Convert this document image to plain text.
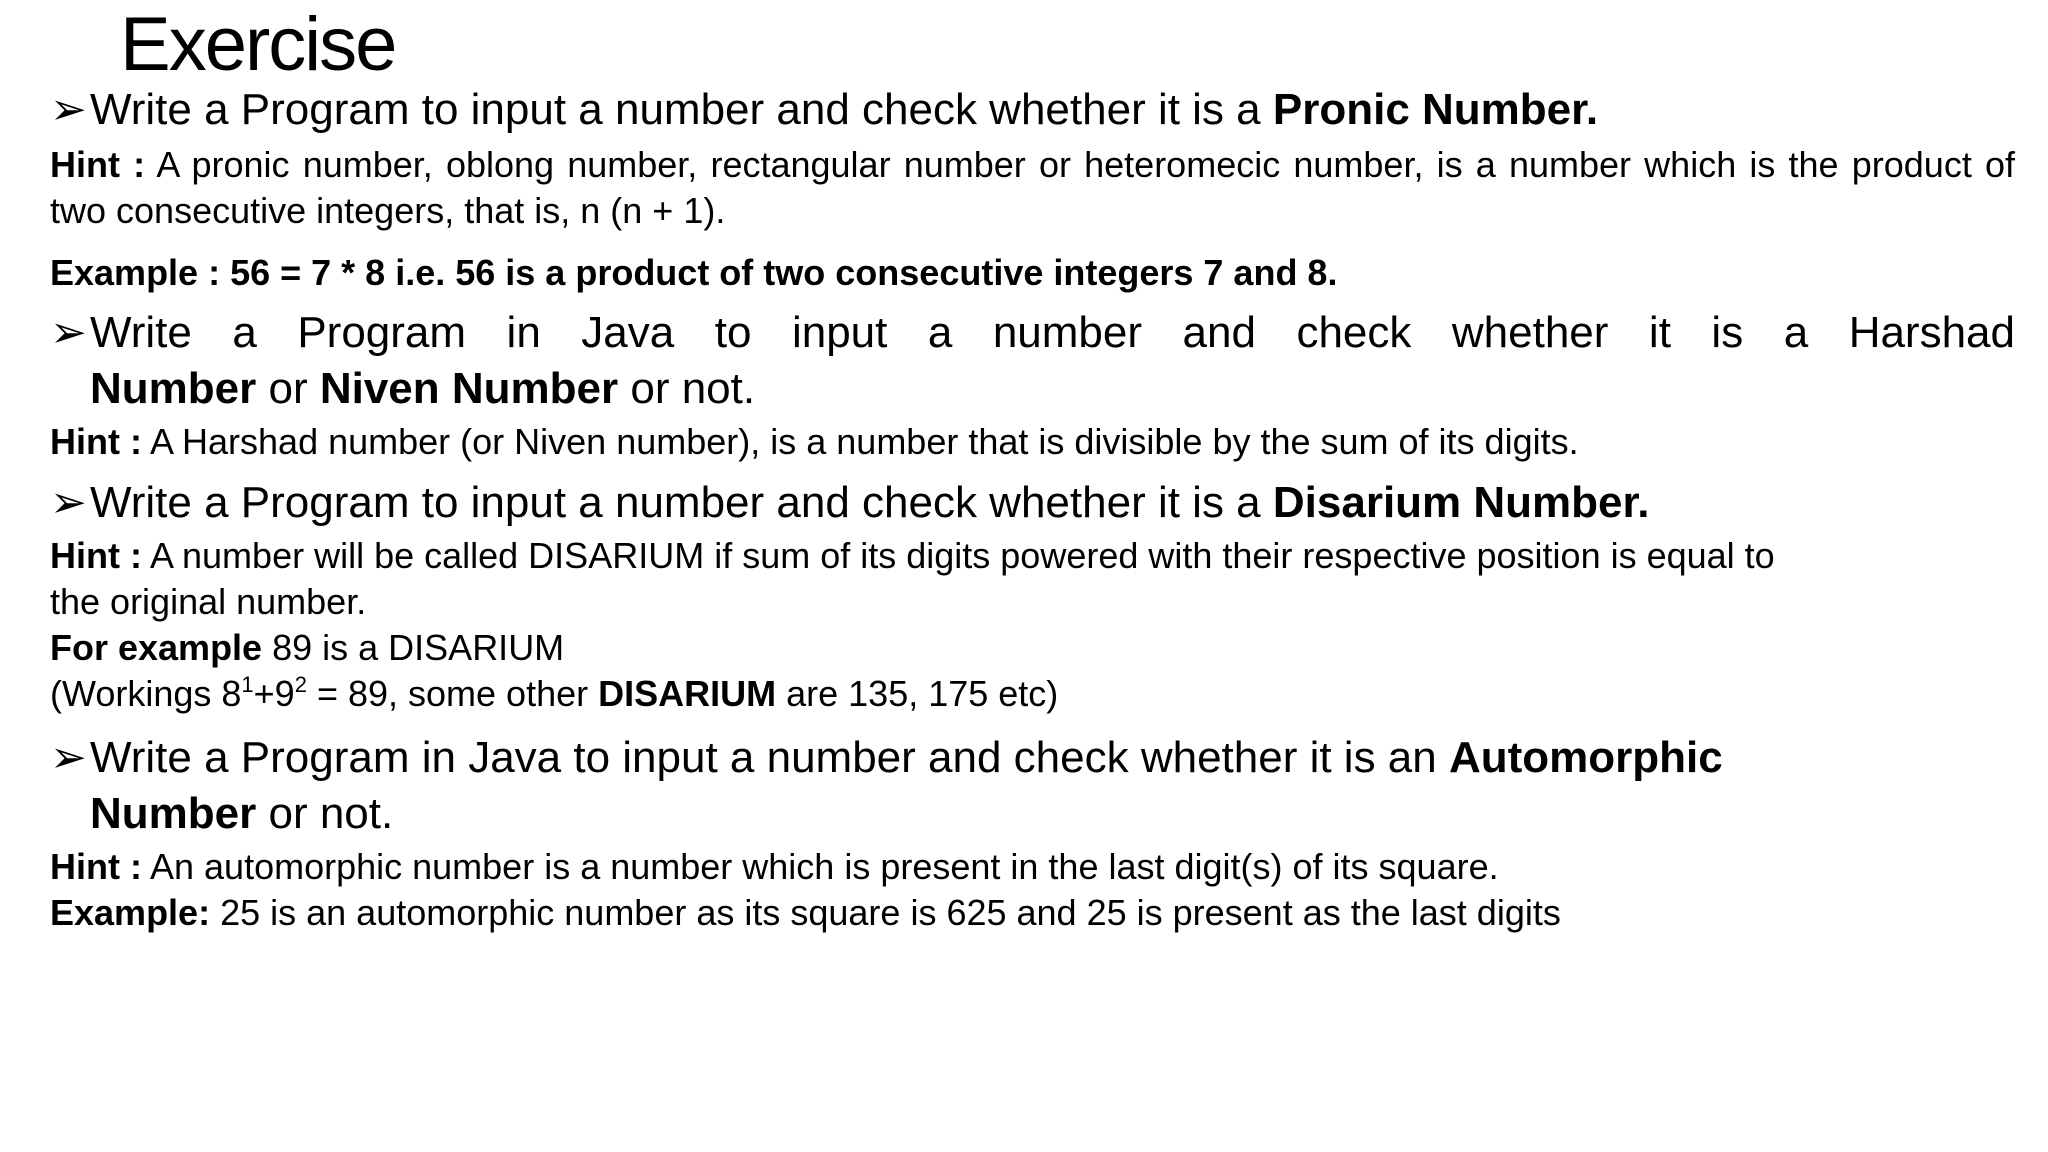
Exercise
➢Write a Program to input a number and check whether it is a Pronic Number.
Hint : A pronic number, oblong number, rectangular number or heteromecic number, is a number which is the product of two consecutive integers, that is, n (n + 1).
Example : 56 = 7 * 8 i.e. 56 is a product of two consecutive integers 7 and 8.
➢ Write a Program in Java to input a number and check whether it is a Harshad
Number or Niven Number or not.
Hint : A Harshad number (or Niven number), is a number that is divisible by the sum of its digits.
➢Write a Program to input a number and check whether it is a Disarium Number.
Hint : A number will be called DISARIUM if sum of its digits powered with their respective position is equal to
the original number.
For example 89 is a DISARIUM
(Workings $8^1+9^2 = 89$, some other DISARIUM are 135, 175 etc)
➢Write a Program in Java to input a number and check whether it is an Automorphic
Number or not.
Hint : An automorphic number is a number which is present in the last digit(s) of its square.
Example: 25 is an automorphic number as its square is 625 and 25 is present as the last digits
